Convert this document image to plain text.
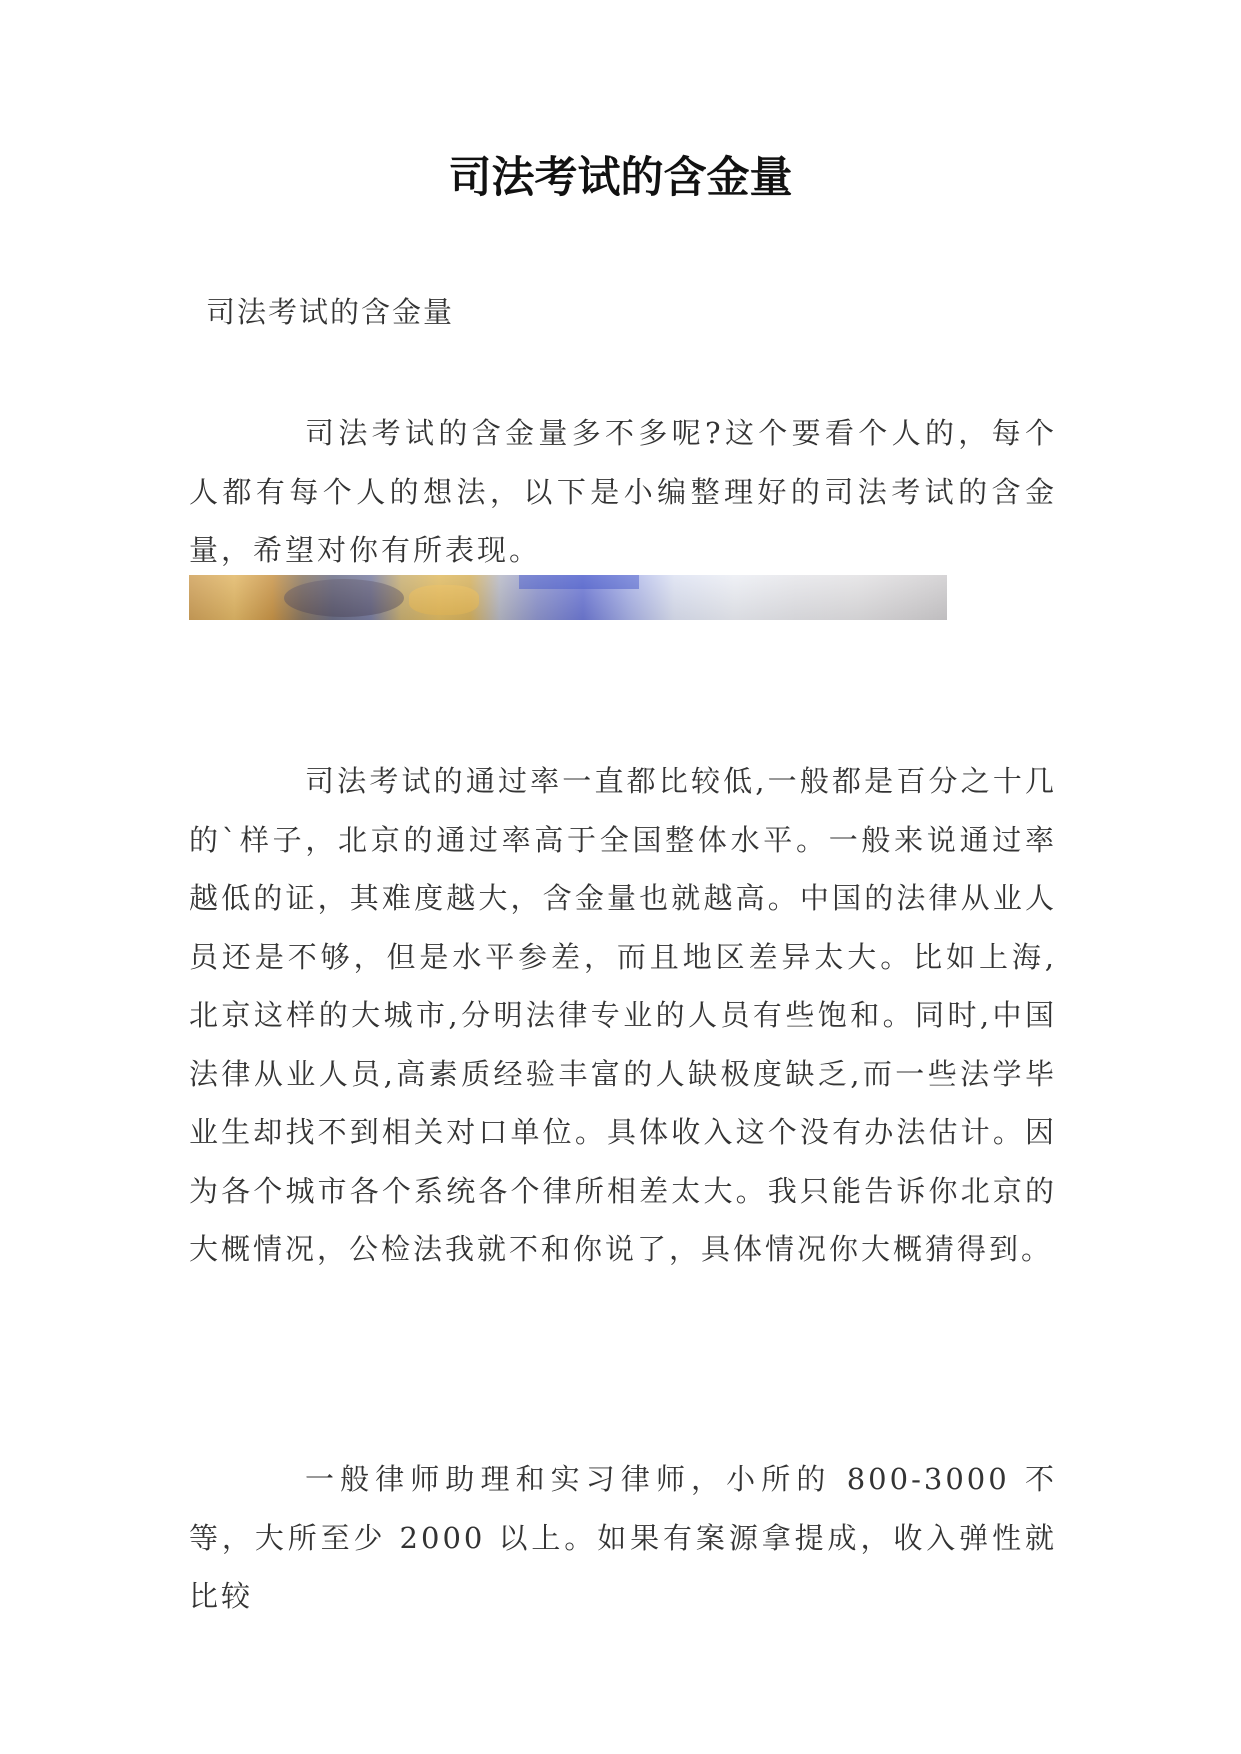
司法考试的含金量

司法考试的含金量

司法考试的含金量多不多呢?这个要看个人的，每个人都有每个人的想法，以下是小编整理好的司法考试的含金量，希望对你有所表现。

司法考试的通过率一直都比较低,一般都是百分之十几的`样子，北京的通过率高于全国整体水平。一般来说通过率越低的证，其难度越大，含金量也就越高。中国的法律从业人员还是不够，但是水平参差，而且地区差异太大。比如上海,北京这样的大城市,分明法律专业的人员有些饱和。同时,中国法律从业人员,高素质经验丰富的人缺极度缺乏,而一些法学毕业生却找不到相关对口单位。具体收入这个没有办法估计。因为各个城市各个系统各个律所相差太大。我只能告诉你北京的大概情况，公检法我就不和你说了，具体情况你大概猜得到。

一般律师助理和实习律师，小所的 800-3000 不等，大所至少 2000 以上。如果有案源拿提成，收入弹性就比较
